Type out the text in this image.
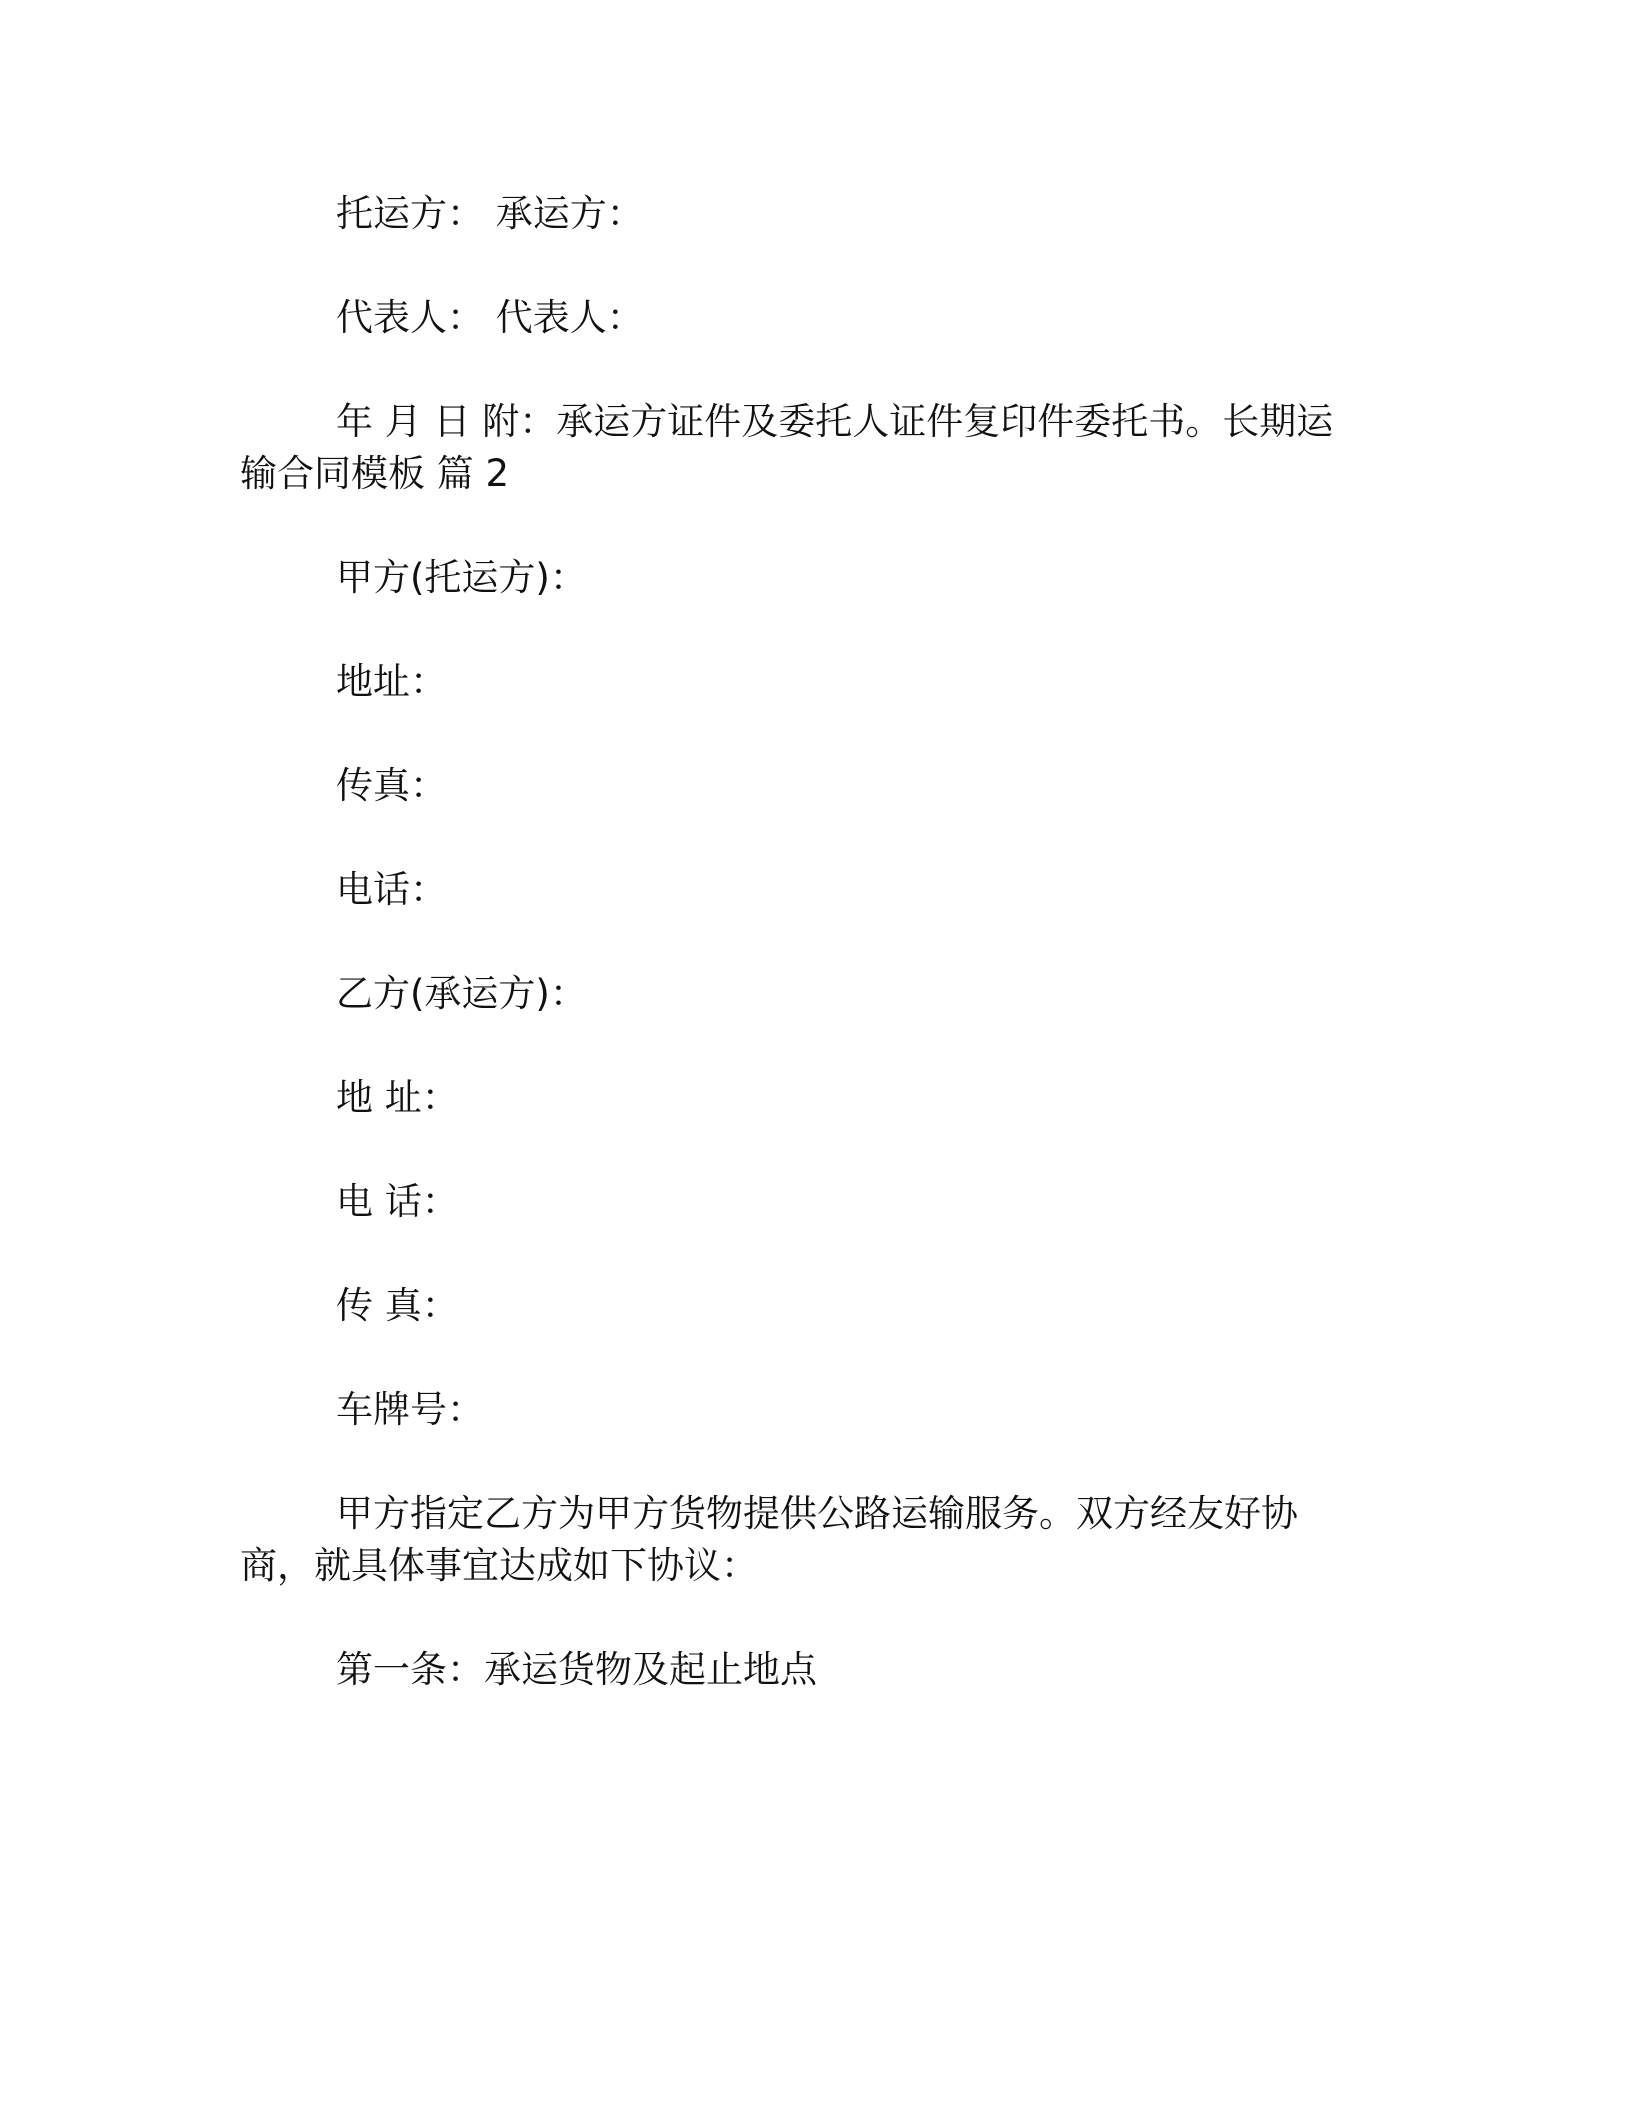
托运方： 承运方：

代表人： 代表人：

年 月 日 附：承运方证件及委托人证件复印件委托书。长期运输合同模板 篇 2

甲方(托运方)：

地址：

传真：

电话：

乙方(承运方)：

地 址：

电 话：

传 真：

车牌号：

甲方指定乙方为甲方货物提供公路运输服务。双方经友好协商，就具体事宜达成如下协议：

第一条：承运货物及起止地点
